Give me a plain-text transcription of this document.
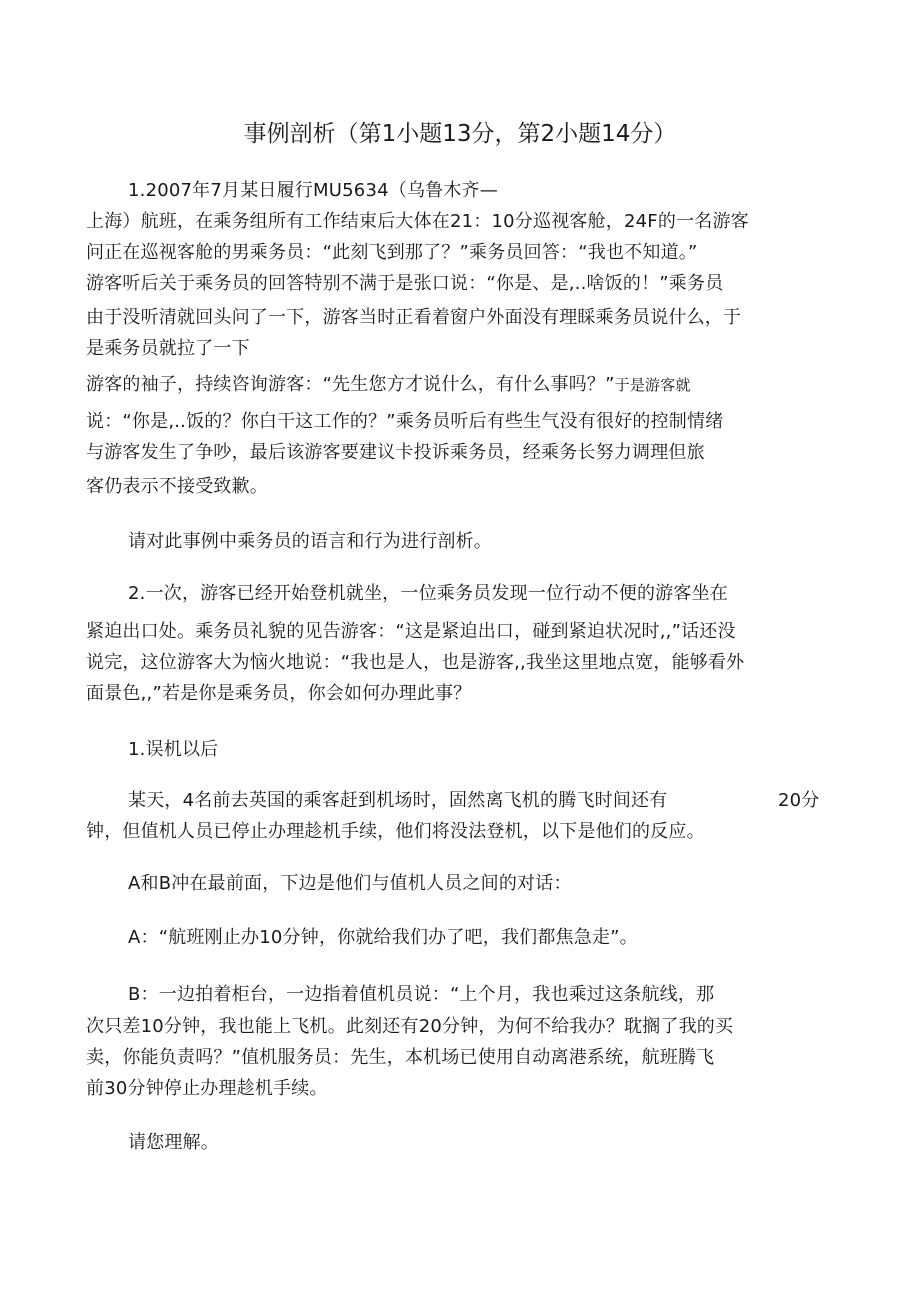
事例剖析（第1小题13分，第2小题14分）
1.2007年7月某日履行MU5634（乌鲁木齐—
上海）航班，在乘务组所有工作结束后大体在21：10分巡视客舱，24F的一名游客
问正在巡视客舱的男乘务员：“此刻飞到那了？”乘务员回答：“我也不知道。”
游客听后关于乘务员的回答特别不满于是张口说：“你是、是,..啥饭的！”乘务员
由于没听清就回头问了一下，游客当时正看着窗户外面没有理睬乘务员说什么，于
是乘务员就拉了一下
游客的袖子，持续咨询游客：“先生您方才说什么，有什么事吗？”于是游客就
说：“你是,..饭的？你白干这工作的？”乘务员听后有些生气没有很好的控制情绪
与游客发生了争吵，最后该游客要建议卡投诉乘务员，经乘务长努力调理但旅
客仍表示不接受致歉。
请对此事例中乘务员的语言和行为进行剖析。
2.一次，游客已经开始登机就坐，一位乘务员发现一位行动不便的游客坐在
紧迫出口处。乘务员礼貌的见告游客：“这是紧迫出口，碰到紧迫状况时,,”话还没
说完，这位游客大为恼火地说：“我也是人，也是游客,,我坐这里地点宽，能够看外
面景色,,”若是你是乘务员，你会如何办理此事？
1.误机以后
某天，4名前去英国的乘客赶到机场时，固然离飞机的腾飞时间还有	20分
钟，但值机人员已停止办理趁机手续，他们将没法登机，以下是他们的反应。
A和B冲在最前面，下边是他们与值机人员之间的对话：
A：“航班刚止办10分钟，你就给我们办了吧，我们都焦急走”。
B：一边拍着柜台，一边指着值机员说：“上个月，我也乘过这条航线，那
次只差10分钟，我也能上飞机。此刻还有20分钟，为何不给我办？耽搁了我的买
卖，你能负责吗？”值机服务员：先生，本机场已使用自动离港系统，航班腾飞
前30分钟停止办理趁机手续。
请您理解。
